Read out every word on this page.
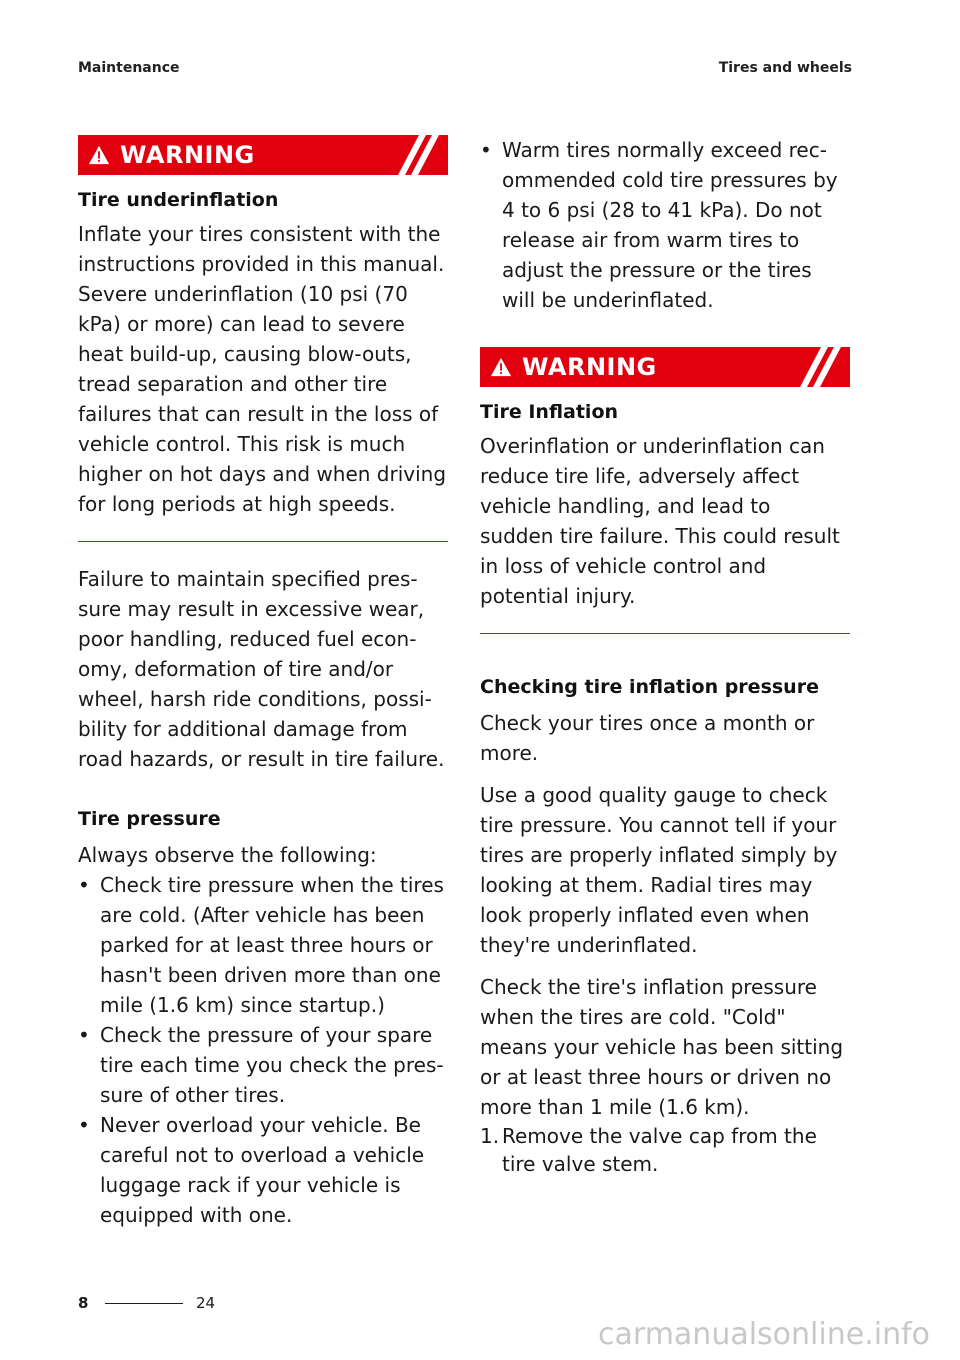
Maintenance	Tires and wheels
WARNING
Tire underinflation

Inflate your tires consistent with the instructions provided in this manual. Severe underinflation (10 psi (70 kPa) or more) can lead to severe heat build-up, causing blow-outs, tread separation and other tire failures that can result in the loss of vehicle control. This risk is much higher on hot days and when driving for long periods at high speeds.

Failure to maintain specified pres-sure may result in excessive wear, poor handling, reduced fuel econ-omy, deformation of tire and/or wheel, harsh ride conditions, possi-bility for additional damage from road hazards, or result in tire failure.

Tire pressure

Always observe the following:

• Check tire pressure when the tires are cold. (After vehicle has been parked for at least three hours or hasn't been driven more than one mile (1.6 km) since startup.)
• Check the pressure of your spare tire each time you check the pres-sure of other tires.
• Never overload your vehicle. Be careful not to overload a vehicle luggage rack if your vehicle is equipped with one.
• Warm tires normally exceed rec-ommended cold tire pressures by 4 to 6 psi (28 to 41 kPa). Do not release air from warm tires to adjust the pressure or the tires will be underinflated.
WARNING
Tire Inflation

Overinflation or underinflation can reduce tire life, adversely affect vehicle handling, and lead to sudden tire failure. This could result in loss of vehicle control and potential injury.

Checking tire inflation pressure

Check your tires once a month or more.

Use a good quality gauge to check tire pressure. You cannot tell if your tires are properly inflated simply by looking at them. Radial tires may look properly inflated even when they're underinflated.

Check the tire's inflation pressure when the tires are cold. "Cold" means your vehicle has been sitting or at least three hours or driven no more than 1 mile (1.6 km).

1. Remove the valve cap from the tire valve stem.
8	24
carmanualsonline.info
